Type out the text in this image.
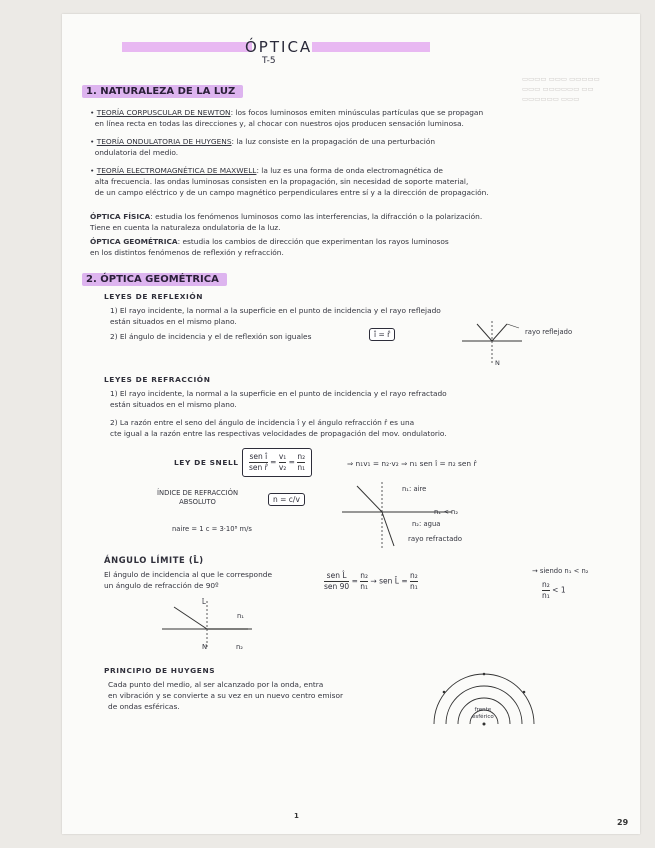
▭▭▭▭ ▭▭▭ ▭▭▭▭▭
▭▭▭ ▭▭▭▭▭▭ ▭▭
▭▭▭▭▭▭ ▭▭▭
ÓPTICA
T-5
1. NATURALEZA DE LA LUZ
• TEORÍA CORPUSCULAR DE NEWTON: los focos luminosos emiten minúsculas partículas que se propagan
en línea recta en todas las direcciones y, al chocar con nuestros ojos producen sensación luminosa.
• TEORÍA ONDULATORIA DE HUYGENS: la luz consiste en la propagación de una perturbación
ondulatoria del medio.
• TEORÍA ELECTROMAGNÉTICA DE MAXWELL: la luz es una forma de onda electromagnética de
alta frecuencia. las ondas luminosas consisten en la propagación, sin necesidad de soporte material,
de un campo eléctrico y de un campo magnético perpendiculares entre sí y a la dirección de propagación.
ÓPTICA FÍSICA: estudia los fenómenos luminosos como las interferencias, la difracción o la polarización.
Tiene en cuenta la naturaleza ondulatoria de la luz.
ÓPTICA GEOMÉTRICA: estudia los cambios de dirección que experimentan los rayos luminosos
en los distintos fenómenos de reflexión y refracción.
2. ÓPTICA GEOMÉTRICA
LEYES DE REFLEXIÓN
1) El rayo incidente, la normal a la superficie en el punto de incidencia y el rayo reflejado
están situados en el mismo plano.
2) El ángulo de incidencia y el de reflexión son iguales	î = r̂	rayo reflejado
N
LEYES DE REFRACCIÓN
1) El rayo incidente, la normal a la superficie en el punto de incidencia y el rayo refractado
están situados en el mismo plano.
2) La razón entre el seno del ángulo de incidencia î y el ángulo refracción r̂ es una
cte igual a la razón entre las respectivas velocidades de propagación del mov. ondulatorio.
LEY DE SNELL $\frac{\text{sen î}}{\text{sen r̂}} = \frac{\text{v₁}}{\text{v₂}} = \frac{\text{n₂}}{\text{n₁}}$	⇒ n₁v₁ = n₂·v₂ ⇒ n₁ sen î = n₂ sen r̂
ÍNDICE DE REFRACCIÓN
ABSOLUTO	n = c/v
naire = 1 c = 3·10⁸ m/s
n₁: aire
n₁ < n₂
n₂: agua
rayo refractado
ÁNGULO LÍMITE (L̂)
El ángulo de incidencia al que le corresponde
un ángulo de refracción de 90º	$\frac{\text{sen L̂}}{\text{sen 90}} = \frac{\text{n₂}}{\text{n₁}}$ → sen L̂ = $\frac{\text{n₂}}{\text{n₁}}$	→ siendo n₁ < n₂
$\frac{\text{n₂}}{\text{n₁}} < 1$
L̂
n₁
N	n₂
PRINCIPIO DE HUYGENS
Cada punto del medio, al ser alcanzado por la onda, entra
en vibración y se convierte a su vez en un nuevo centro emisor
de ondas esféricas.	frente
esférico
1
29
